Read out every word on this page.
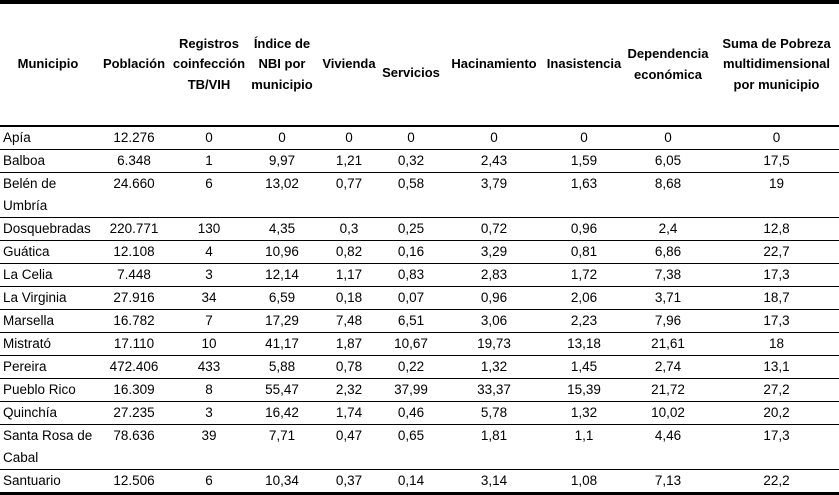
Municipio	Población	Registros coinfección TB/VIH	Índice de NBI por municipio	Vivienda	Servicios	Hacinamiento	Inasistencia	Dependencia económica	Suma de Pobreza multidimensional por municipio
Apía	12.276	0	0	0	0	0	0	0	0
Balboa	6.348	1	9,97	1,21	0,32	2,43	1,59	6,05	17,5
Belén de Umbría	24.660	6	13,02	0,77	0,58	3,79	1,63	8,68	19
Dosquebradas	220.771	130	4,35	0,3	0,25	0,72	0,96	2,4	12,8
Guática	12.108	4	10,96	0,82	0,16	3,29	0,81	6,86	22,7
La Celia	7.448	3	12,14	1,17	0,83	2,83	1,72	7,38	17,3
La Virginia	27.916	34	6,59	0,18	0,07	0,96	2,06	3,71	18,7
Marsella	16.782	7	17,29	7,48	6,51	3,06	2,23	7,96	17,3
Mistrató	17.110	10	41,17	1,87	10,67	19,73	13,18	21,61	18
Pereira	472.406	433	5,88	0,78	0,22	1,32	1,45	2,74	13,1
Pueblo Rico	16.309	8	55,47	2,32	37,99	33,37	15,39	21,72	27,2
Quinchía	27.235	3	16,42	1,74	0,46	5,78	1,32	10,02	20,2
Santa Rosa de Cabal	78.636	39	7,71	0,47	0,65	1,81	1,1	4,46	17,3
Santuario	12.506	6	10,34	0,37	0,14	3,14	1,08	7,13	22,2
